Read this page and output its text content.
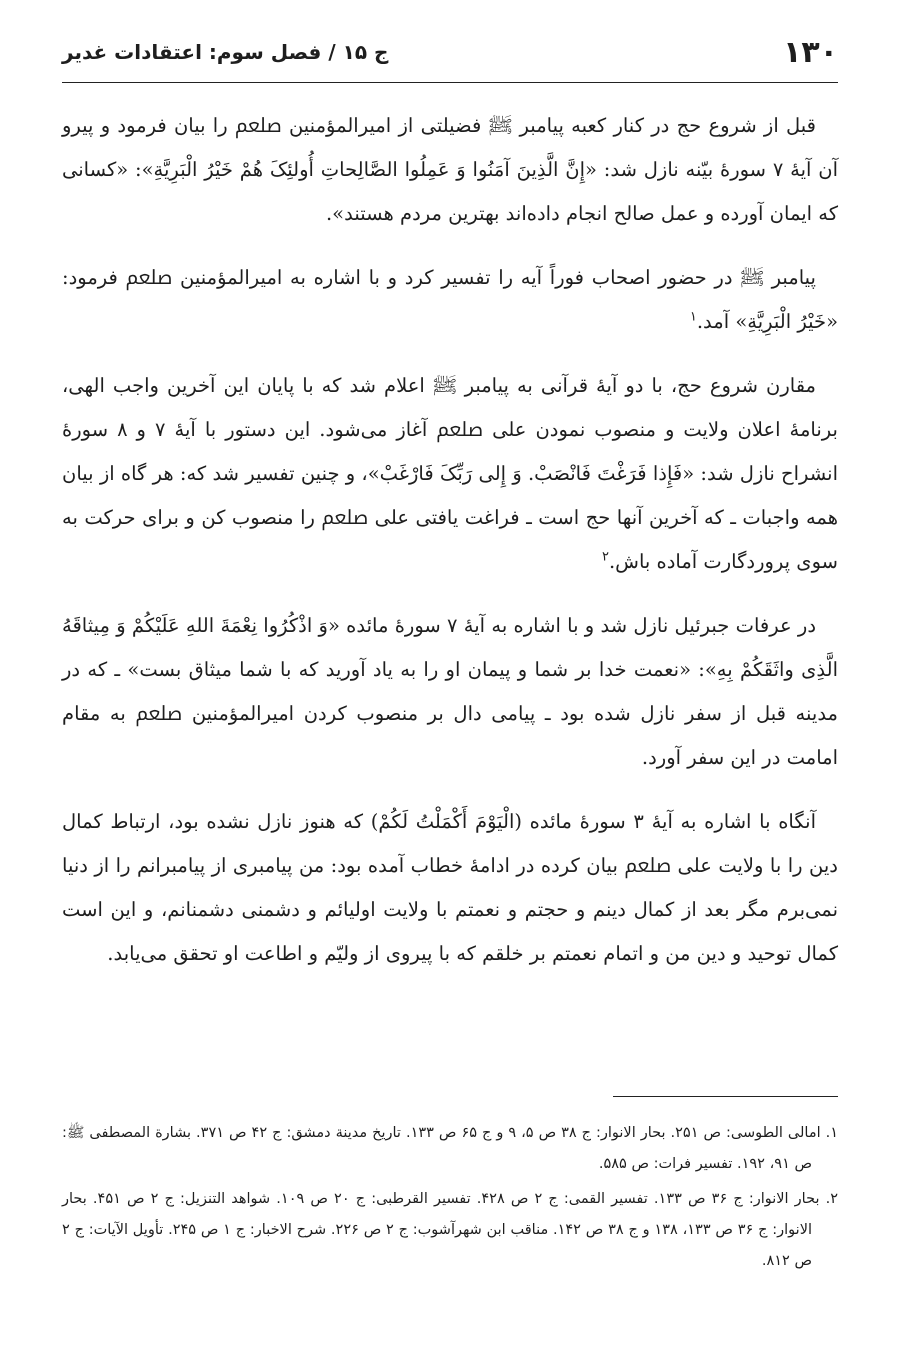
۱۳۰
ج ۱۵ / فصل سوم: اعتقادات غدیر

قبل از شروع حج در کنار کعبه پیامبر ﷺ فضیلتی از امیرالمؤمنین ﷵ را بیان فرمود و پیرو آن آیهٔ ۷ سورهٔ بیّنه نازل شد: «إِنَّ الَّذِینَ آمَنُوا وَ عَمِلُوا الصَّالِحاتِ أُولئِکَ هُمْ خَیْرُ الْبَرِیَّةِ»: «کسانی که ایمان آورده و عمل صالح انجام داده‌اند بهترین مردم هستند».

پیامبر ﷺ در حضور اصحاب فوراً آیه را تفسیر کرد و با اشاره به امیرالمؤمنین ﷵ فرمود: «خَیْرُ الْبَرِیَّةِ» آمد.$^۱$

مقارن شروع حج، با دو آیهٔ قرآنی به پیامبر ﷺ اعلام شد که با پایان این آخرین واجب الهی، برنامهٔ اعلان ولایت و منصوب نمودن علی ﷵ آغاز می‌شود. این دستور با آیهٔ ۷ و ۸ سورهٔ انشراح نازل شد: «فَإِذا فَرَغْتَ فَانْصَبْ. وَ إِلى رَبِّکَ فَارْغَبْ»، و چنین تفسیر شد که: هر گاه از بیان همه واجبات ـ که آخرین آنها حج است ـ فراغت یافتی علی ﷵ را منصوب کن و برای حرکت به سوی پروردگارت آماده باش.$^۲$

در عرفات جبرئیل نازل شد و با اشاره به آیهٔ ۷ سورهٔ مائده «وَ اذْکُرُوا نِعْمَةَ اللهِ عَلَیْکُمْ وَ مِیثاقَهُ الَّذِی واثَقَکُمْ بِهِ»: «نعمت خدا بر شما و پیمان او را به یاد آورید که با شما میثاق بست» ـ که در مدینه قبل از سفر نازل شده بود ـ پیامی دال بر منصوب کردن امیرالمؤمنین ﷵ به مقام امامت در این سفر آورد.

آنگاه با اشاره به آیهٔ ۳ سورهٔ مائده (الْیَوْمَ أَکْمَلْتُ لَکُمْ) که هنوز نازل نشده بود، ارتباط کمال دین را با ولایت علی ﷵ بیان کرده در ادامهٔ خطاب آمده بود: من پیامبری از پیامبرانم را از دنیا نمی‌برم مگر بعد از کمال دینم و حجتم و نعمتم با ولایت اولیائم و دشمنی دشمنانم، و این است کمال توحید و دین من و اتمام نعمتم بر خلقم که با پیروی از ولیّم و اطاعت او تحقق می‌یابد.

۱. امالی الطوسی: ص ۲۵۱. بحار الانوار: ج ۳۸ ص ۵، ۹ و ج ۶۵ ص ۱۳۳. تاریخ مدینة دمشق: ج ۴۲ ص ۳۷۱. بشارة المصطفی ﷺ: ص ۹۱، ۱۹۲. تفسیر فرات: ص ۵۸۵.

۲. بحار الانوار: ج ۳۶ ص ۱۳۳. تفسیر القمی: ج ۲ ص ۴۲۸. تفسیر القرطبی: ج ۲۰ ص ۱۰۹. شواهد التنزیل: ج ۲ ص ۴۵۱. بحار الانوار: ج ۳۶ ص ۱۳۳، ۱۳۸ و ج ۳۸ ص ۱۴۲. مناقب ابن شهرآشوب: ج ۲ ص ۲۲۶. شرح الاخبار: ج ۱ ص ۲۴۵. تأویل الآیات: ج ۲ ص ۸۱۲.
